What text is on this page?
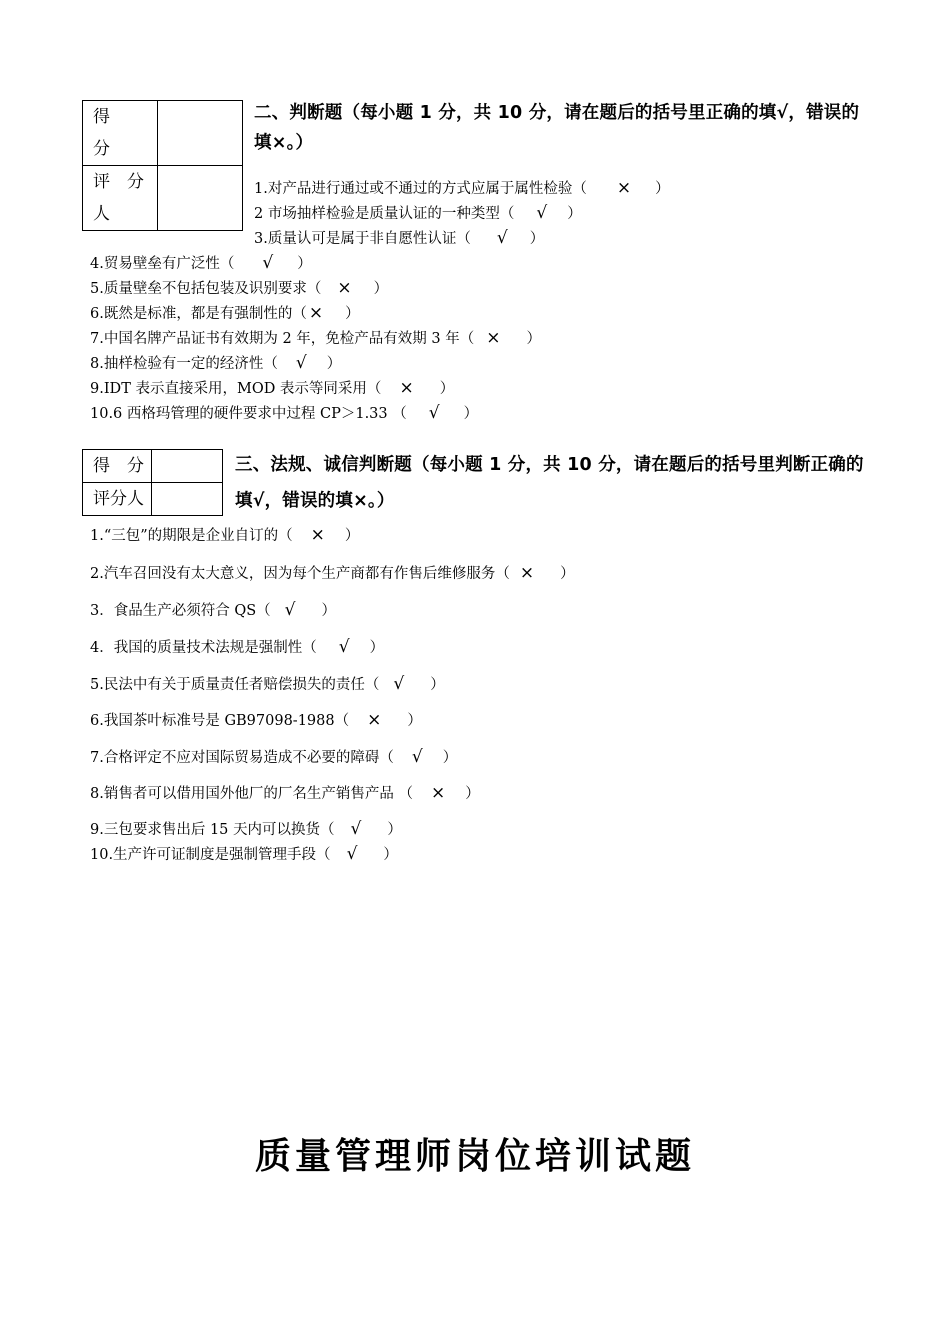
得
分	
评　分
人	
二、判断题（每小题 1 分，共 10 分，请在题后的括号里正确的填√，错误的填×。）
1.对产品进行通过或不通过的方式应属于属性检验（ × ）
2 市场抽样检验是质量认证的一种类型（ √ ）
3.质量认可是属于非自愿性认证（ √ ）
4.贸易壁垒有广泛性（ √ ）
5.质量壁垒不包括包装及识别要求（ × ）
6.既然是标准，都是有强制性的（ × ）
7.中国名牌产品证书有效期为 2 年，免检产品有效期 3 年（ × ）
8.抽样检验有一定的经济性（ √ ）
9.IDT 表示直接采用，MOD 表示等同采用（ × ）
10.6 西格玛管理的硬件要求中过程 CP＞1.33 （ √ ）
得　分	
评分人	
三、法规、诚信判断题（每小题 1 分，共 10 分，请在题后的括号里判断正确的填√，错误的填×。）
1.“三包”的期限是企业自订的（ × ）
2.汽车召回没有太大意义，因为每个生产商都有作售后维修服务（ × ）
3．食品生产必须符合 QS（ √ ）
4．我国的质量技术法规是强制性（ √ ）
5.民法中有关于质量责任者赔偿损失的责任（ √ ）
6.我国茶叶标准号是 GB97098-1988（ × ）
7.合格评定不应对国际贸易造成不必要的障碍（ √ ）
8.销售者可以借用国外他厂的厂名生产销售产品 （ × ）
9.三包要求售出后 15 天内可以换货（ √ ）
10.生产许可证制度是强制管理手段（ √ ）
质量管理师岗位培训试题
